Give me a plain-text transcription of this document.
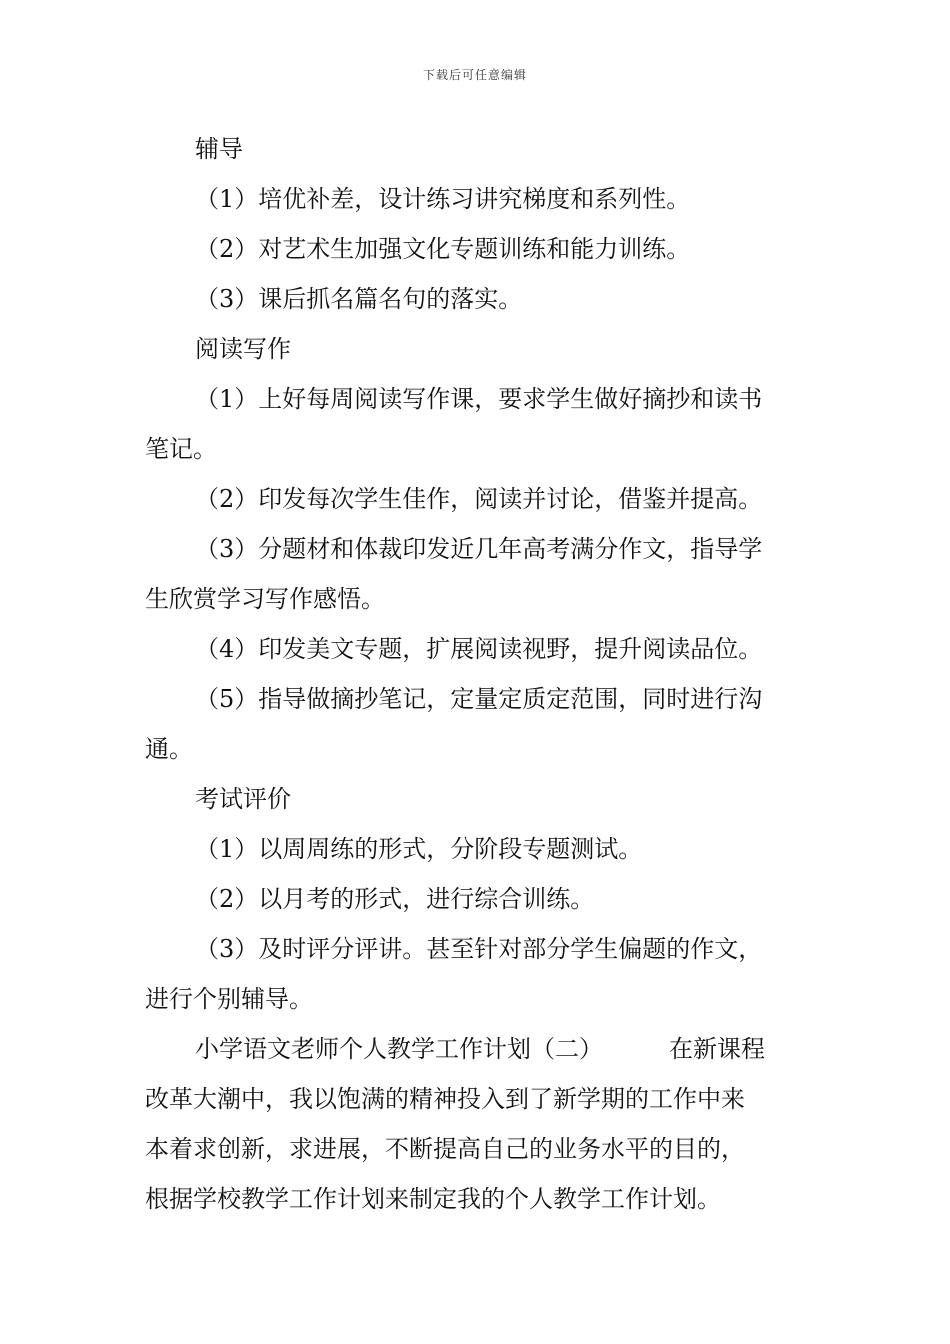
下载后可任意编辑
辅导
（1）培优补差，设计练习讲究梯度和系列性。
（2）对艺术生加强文化专题训练和能力训练。
（3）课后抓名篇名句的落实。
阅读写作
（1）上好每周阅读写作课，要求学生做好摘抄和读书
笔记。
（2）印发每次学生佳作，阅读并讨论，借鉴并提高。
（3）分题材和体裁印发近几年高考满分作文，指导学
生欣赏学习写作感悟。
（4）印发美文专题，扩展阅读视野，提升阅读品位。
（5）指导做摘抄笔记，定量定质定范围，同时进行沟
通。
考试评价
（1）以周周练的形式，分阶段专题测试。
（2）以月考的形式，进行综合训练。
（3）及时评分评讲。甚至针对部分学生偏题的作文，
进行个别辅导。
小学语文老师个人教学工作计划（二）	在新课程
改革大潮中，我以饱满的精神投入到了新学期的工作中来
本着求创新，求进展，不断提高自己的业务水平的目的，
根据学校教学工作计划来制定我的个人教学工作计划。
